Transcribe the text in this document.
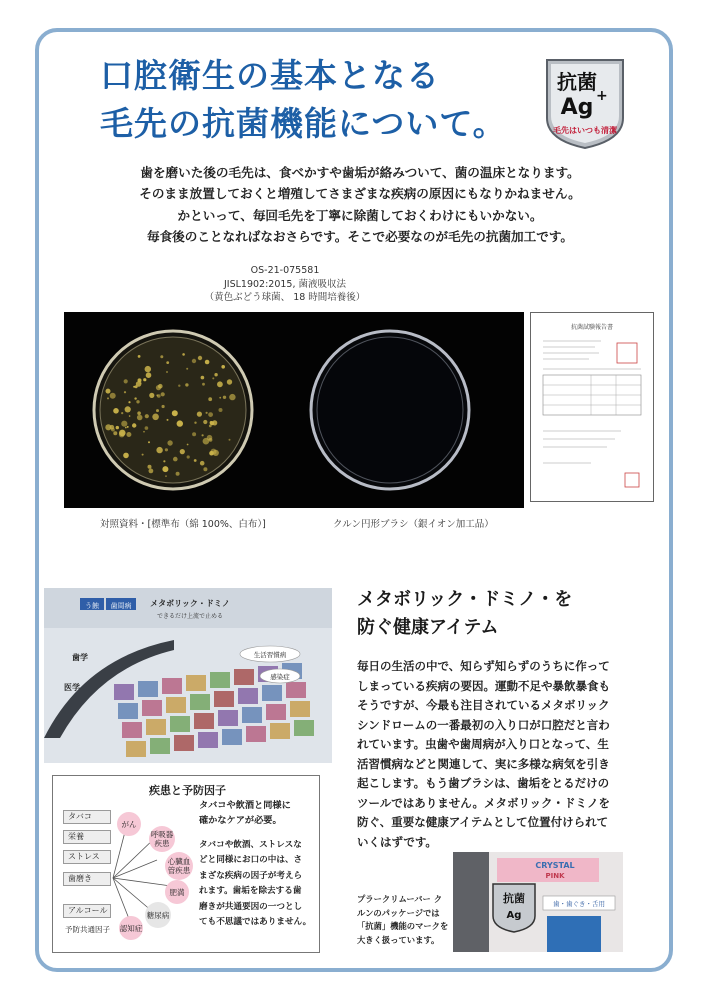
口腔衛生の基本となる
毛先の抗菌機能について。
抗菌
Ag +
毛先はいつも清潔
歯を磨いた後の毛先は、食べかすや歯垢が絡みついて、菌の温床となります。
そのまま放置しておくと増殖してさまざまな疾病の原因にもなりかねません。
かといって、毎回毛先を丁寧に除菌しておくわけにもいかない。
毎食後のことなればなおさらです。そこで必要なのが毛先の抗菌加工です。
OS-21-075581
JISL1902:2015, 菌液吸収法
（黄色ぶどう球菌、 18 時間培養後）
抗菌試験報告書
対照資料・[標準布（綿 100%、白布）]	クルン円形ブラシ（銀イオン加工品）
う蝕 歯周病 メタボリック・ドミノ
できるだけ上流で止める
歯学
医学
生活習慣病
感染症
メタボリック・ドミノ・を
防ぐ健康アイテム
毎日の生活の中で、知らず知らずのうちに作って
しまっている疾病の要因。運動不足や暴飲暴食も
そうですが、今最も注目されているメタボリック
シンドロームの一番最初の入り口が口腔だと言わ
れています。虫歯や歯周病が入り口となって、生
活習慣病などと関連して、実に多様な病気を引き
起こします。もう歯ブラシは、歯垢をとるだけの
ツールではありません。メタボリック・ドミノを
防ぐ、重要な健康アイテムとして位置付けられて
いくはずです。
疾患と予防因子
タバコ
栄養
ストレス
歯磨き
アルコール
予防共通因子
がん
呼吸器疾患
心臓血管疾患
肥満
糖尿病
認知症
タバコや飲酒と同様に
確かなケアが必要。
タバコや飲酒、ストレスな
どと同様にお口の中は、さ
まざな疾病の因子が考えら
れます。歯垢を除去する歯
磨きが共通要因の一つとし
ても不思議ではありません。
CRYSTAL
PINK
抗菌
Ag
歯・歯ぐき・舌用
プラークリムーバー ク
ルンのパッケージでは
「抗菌」機能のマークを
大きく扱っています。
